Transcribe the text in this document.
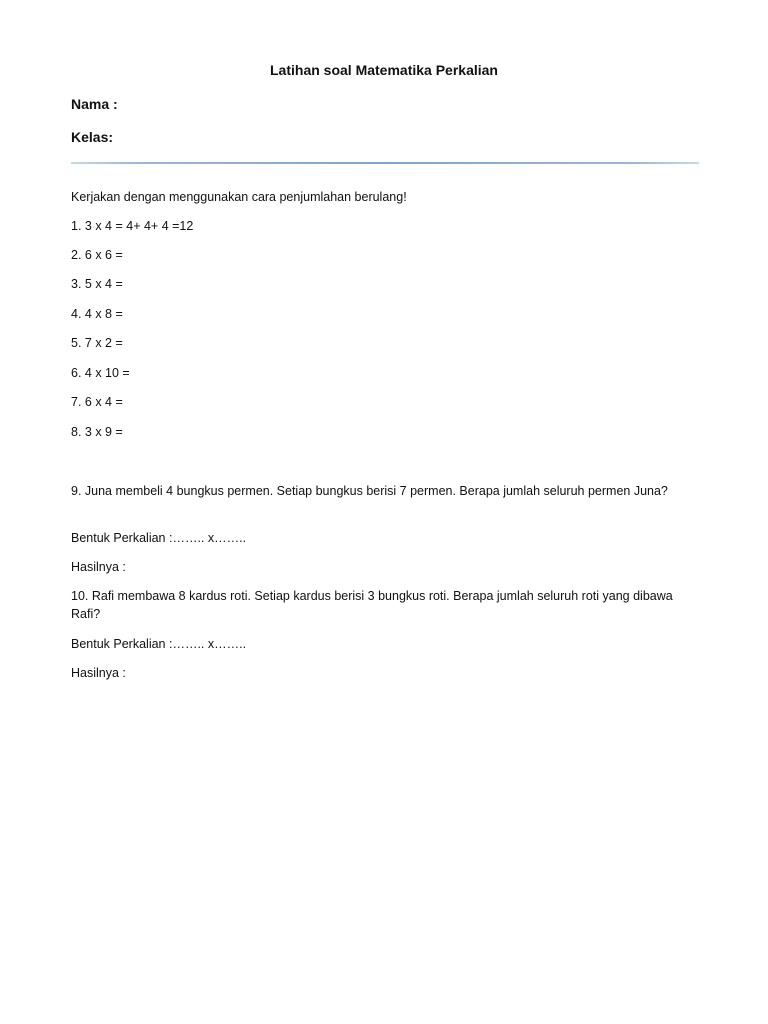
Latihan soal Matematika Perkalian
Nama :
Kelas:
Kerjakan dengan menggunakan cara penjumlahan berulang!
1. 3 x 4 = 4+ 4+ 4 =12
2. 6 x 6 =
3. 5 x 4 =
4. 4 x 8 =
5. 7 x 2 =
6. 4 x 10 =
7. 6 x 4 =
8. 3 x 9 =
9. Juna membeli 4 bungkus permen. Setiap bungkus berisi 7 permen. Berapa jumlah seluruh permen Juna?
Bentuk Perkalian :…….. x……..
Hasilnya :
10. Rafi membawa 8 kardus roti. Setiap kardus berisi 3 bungkus roti. Berapa jumlah seluruh roti yang dibawa Rafi?
Bentuk Perkalian :…….. x……..
Hasilnya :
